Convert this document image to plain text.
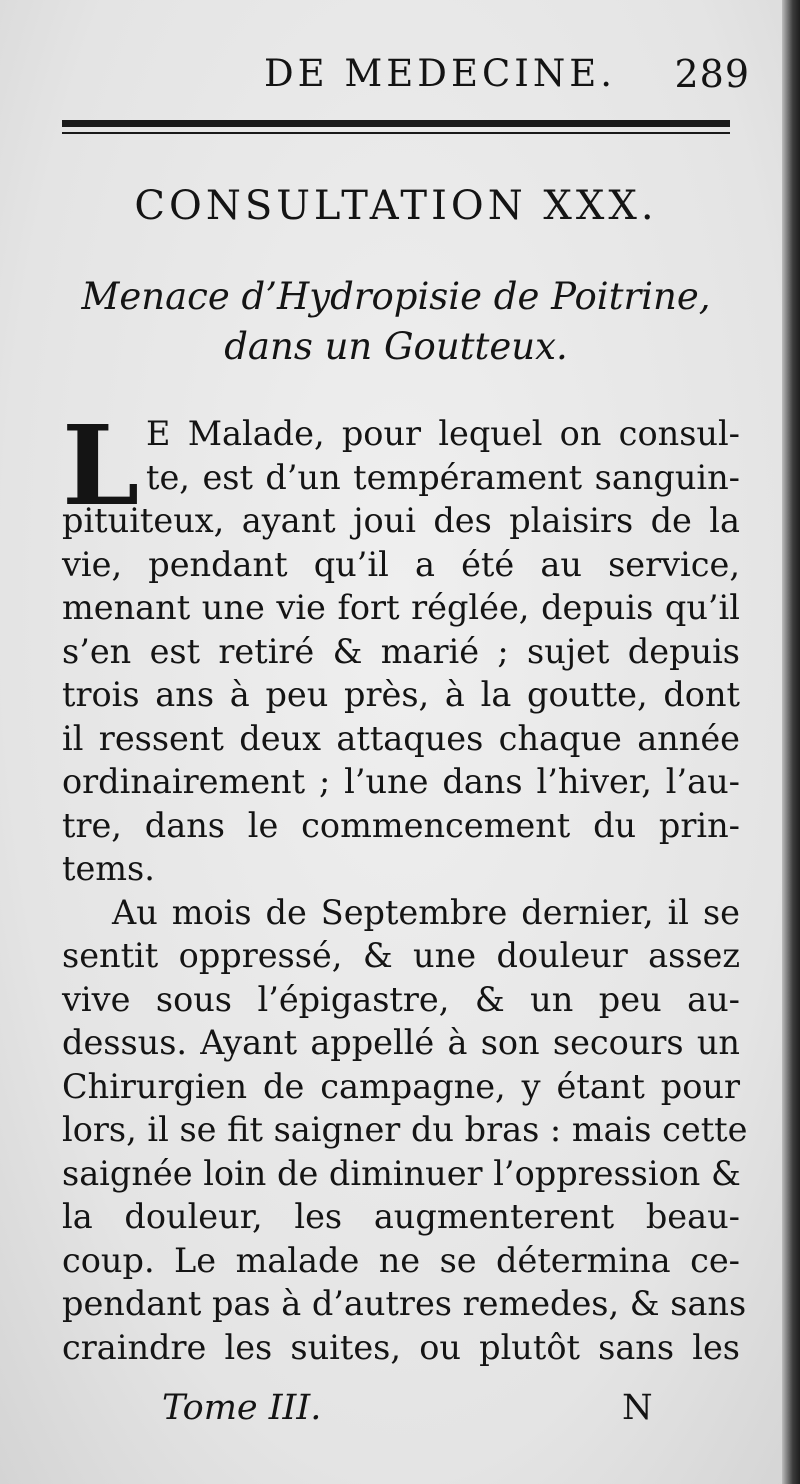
DE MEDECINE.	289
CONSULTATION XXX.
Menace d’Hydropisie de Poitrine,
dans un Goutteux.
L E Malade, pour lequel on consul-
te, est d’un tempérament sanguin-
pituiteux, ayant joui des plaisirs de la
vie, pendant qu’il a été au service,
menant une vie fort réglée, depuis qu’il
s’en est retiré & marié ; sujet depuis
trois ans à peu près, à la goutte, dont
il ressent deux attaques chaque année
ordinairement ; l’une dans l’hiver, l’au-
tre, dans le commencement du prin-
tems.
Au mois de Septembre dernier, il se
sentit oppressé, & une douleur assez
vive sous l’épigastre, & un peu au-
dessus. Ayant appellé à son secours un
Chirurgien de campagne, y étant pour
lors, il se fit saigner du bras : mais cette
saignée loin de diminuer l’oppression &
la douleur, les augmenterent beau-
coup. Le malade ne se détermina ce-
pendant pas à d’autres remedes, & sans
craindre les suites, ou plutôt sans les
Tome III.	N
